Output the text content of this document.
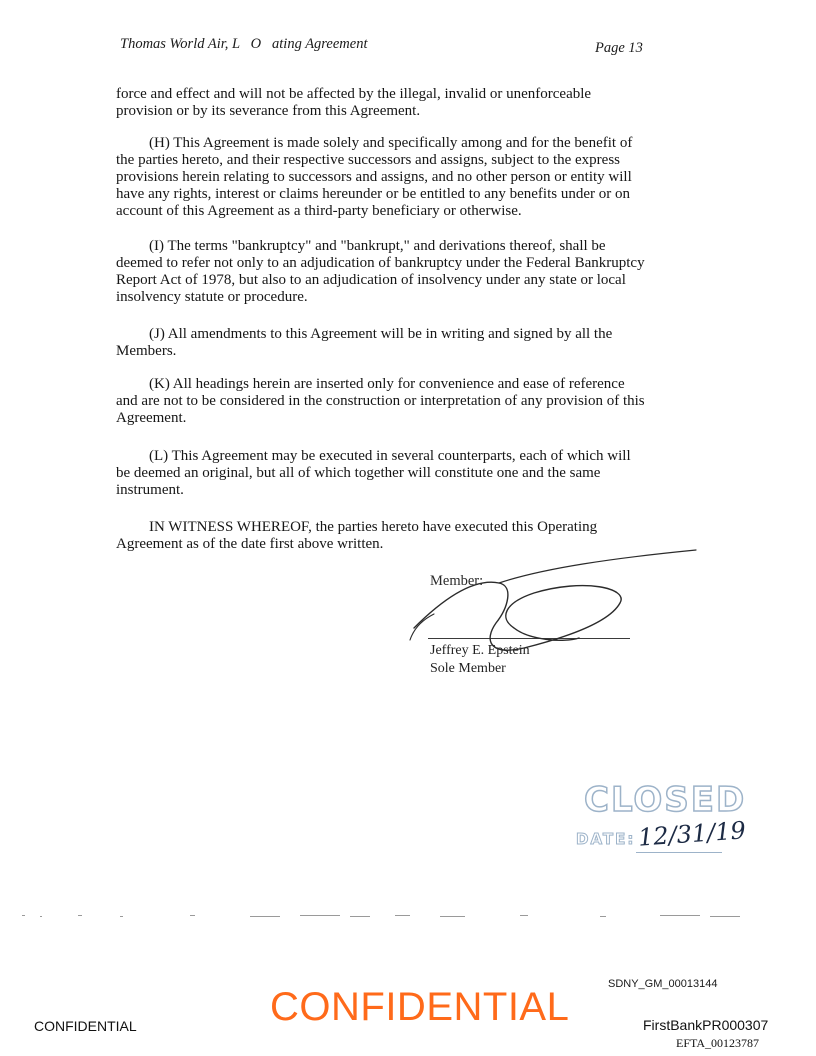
Thomas World Air, L   O   ating Agreement	Page 13
force and effect and will not be affected by the illegal, invalid or unenforceable provision or by its severance from this Agreement.
(H) This Agreement is made solely and specifically among and for the benefit of the parties hereto, and their respective successors and assigns, subject to the express provisions herein relating to successors and assigns, and no other person or entity will have any rights, interest or claims hereunder or be entitled to any benefits under or on account of this Agreement as a third-party beneficiary or otherwise.
(I) The terms "bankruptcy" and "bankrupt," and derivations thereof, shall be deemed to refer not only to an adjudication of bankruptcy under the Federal Bankruptcy Report Act of 1978, but also to an adjudication of insolvency under any state or local insolvency statute or procedure.
(J) All amendments to this Agreement will be in writing and signed by all the Members.
(K) All headings herein are inserted only for convenience and ease of reference and are not to be considered in the construction or interpretation of any provision of this Agreement.
(L) This Agreement may be executed in several counterparts, each of which will be deemed an original, but all of which together will constitute one and the same instrument.
IN WITNESS WHEREOF, the parties hereto have executed this Operating Agreement as of the date first above written.
Member:
Jeffrey E. Epstein
Sole Member
CLOSED
DATE: 12/31/19
SDNY_GM_00013144
CONFIDENTIAL	CONFIDENTIAL	FirstBankPR000307
EFTA_00123787
